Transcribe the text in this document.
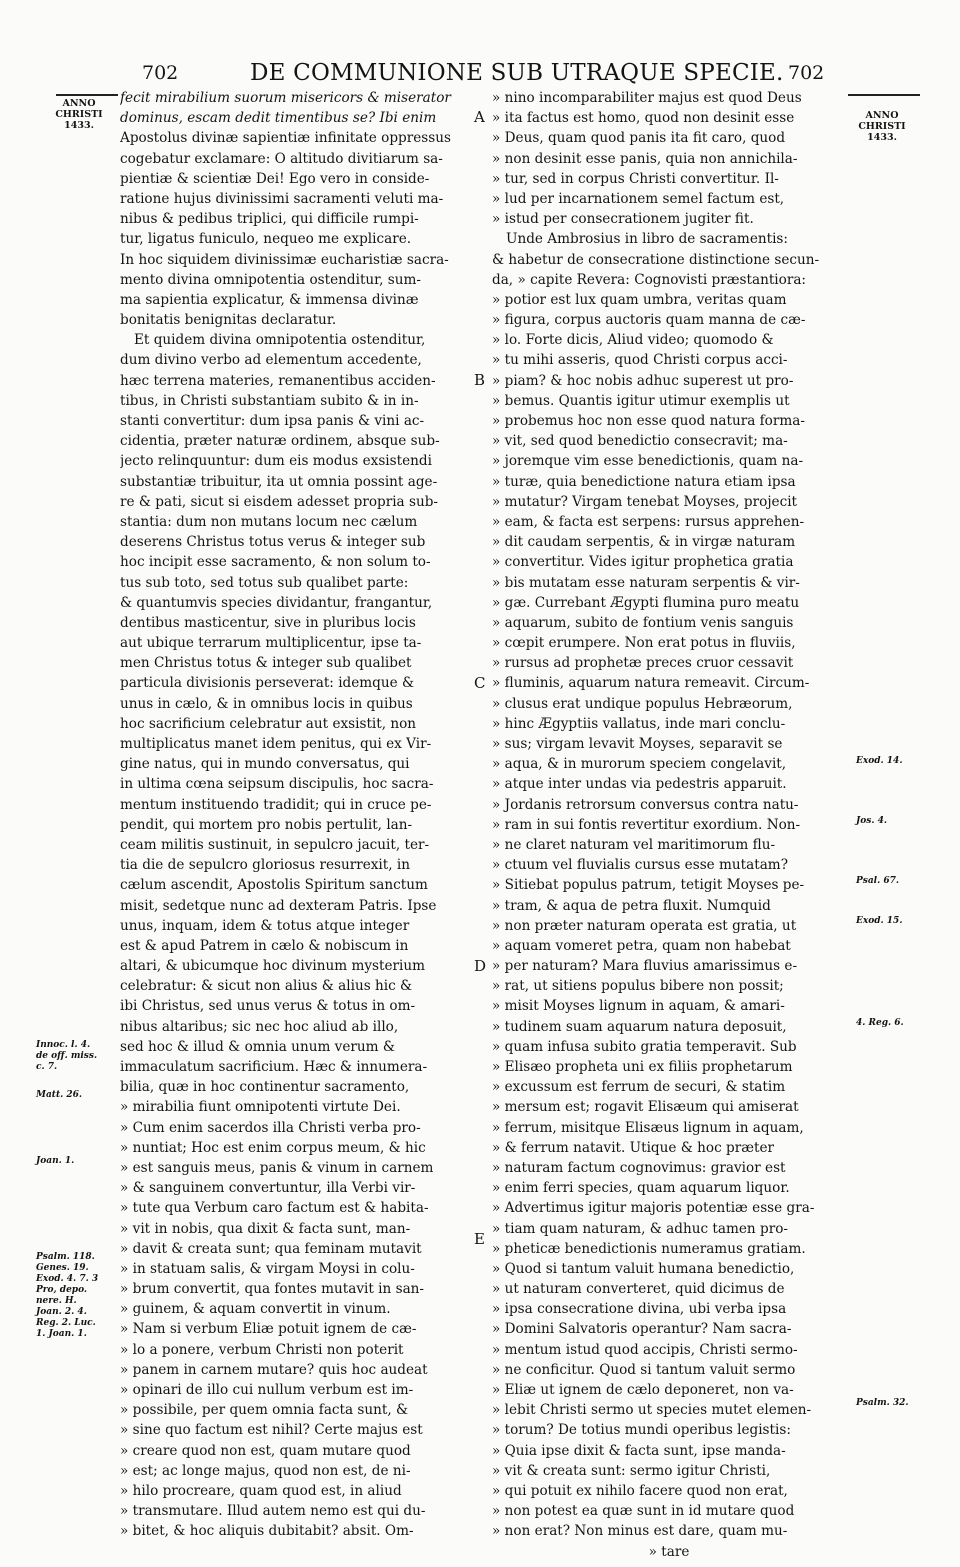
702	DE COMMUNIONE SUB UTRAQUE SPECIE. 702
ANNO
CHRISTI
1433.
ANNO
CHRISTI
1433.
fecit mirabilium suorum misericors & miserator
dominus, escam dedit timentibus se? Ibi enim
Apostolus divinæ sapientiæ infinitate oppressus
cogebatur exclamare: O altitudo divitiarum sa-
pientiæ & scientiæ Dei! Ego vero in conside-
ratione hujus divinissimi sacramenti veluti ma-
nibus & pedibus triplici, qui difficile rumpi-
tur, ligatus funiculo, nequeo me explicare.
In hoc siquidem divinissimæ eucharistiæ sacra-
mento divina omnipotentia ostenditur, sum-
ma sapientia explicatur, & immensa divinæ
bonitatis benignitas declaratur.
Et quidem divina omnipotentia ostenditur,
dum divino verbo ad elementum accedente,
hæc terrena materies, remanentibus acciden-
tibus, in Christi substantiam subito & in in-
stanti convertitur: dum ipsa panis & vini ac-
cidentia, præter naturæ ordinem, absque sub-
jecto relinquuntur: dum eis modus exsistendi
substantiæ tribuitur, ita ut omnia possint age-
re & pati, sicut si eisdem adesset propria sub-
stantia: dum non mutans locum nec cælum
deserens Christus totus verus & integer sub
hoc incipit esse sacramento, & non solum to-
tus sub toto, sed totus sub qualibet parte:
& quantumvis species dividantur, frangantur,
dentibus masticentur, sive in pluribus locis
aut ubique terrarum multiplicentur, ipse ta-
men Christus totus & integer sub qualibet
particula divisionis perseverat: idemque &
unus in cælo, & in omnibus locis in quibus
hoc sacrificium celebratur aut exsistit, non
multiplicatus manet idem penitus, qui ex Vir-
gine natus, qui in mundo conversatus, qui
in ultima cœna seipsum discipulis, hoc sacra-
mentum instituendo tradidit; qui in cruce pe-
pendit, qui mortem pro nobis pertulit, lan-
ceam militis sustinuit, in sepulcro jacuit, ter-
tia die de sepulcro gloriosus resurrexit, in
cælum ascendit, Apostolis Spiritum sanctum
misit, sedetque nunc ad dexteram Patris. Ipse
unus, inquam, idem & totus atque integer
est & apud Patrem in cælo & nobiscum in
altari, & ubicumque hoc divinum mysterium
celebratur: & sicut non alius & alius hic &
ibi Christus, sed unus verus & totus in om-
nibus altaribus; sic nec hoc aliud ab illo,
sed hoc & illud & omnia unum verum &
immaculatum sacrificium. Hæc & innumera-
bilia, quæ in hoc continentur sacramento,
» mirabilia fiunt omnipotenti virtute Dei.
» Cum enim sacerdos illa Christi verba pro-
» nuntiat; Hoc est enim corpus meum, & hic
» est sanguis meus, panis & vinum in carnem
» & sanguinem convertuntur, illa Verbi vir-
» tute qua Verbum caro factum est & habita-
» vit in nobis, qua dixit & facta sunt, man-
» davit & creata sunt; qua feminam mutavit
» in statuam salis, & virgam Moysi in colu-
» brum convertit, qua fontes mutavit in san-
» guinem, & aquam convertit in vinum.
» Nam si verbum Eliæ potuit ignem de cæ-
» lo a ponere, verbum Christi non poterit
» panem in carnem mutare? quis hoc audeat
» opinari de illo cui nullum verbum est im-
» possibile, per quem omnia facta sunt, &
» sine quo factum est nihil? Certe majus est
» creare quod non est, quam mutare quod
» est; ac longe majus, quod non est, de ni-
» hilo procreare, quam quod est, in aliud
» transmutare. Illud autem nemo est qui du-
» bitet, & hoc aliquis dubitabit? absit. Om-
» nino incomparabiliter majus est quod Deus
» ita factus est homo, quod non desinit esse
» Deus, quam quod panis ita fit caro, quod
» non desinit esse panis, quia non annichila-
» tur, sed in corpus Christi convertitur. Il-
» lud per incarnationem semel factum est,
» istud per consecrationem jugiter fit.
Unde Ambrosius in libro de sacramentis:
& habetur de consecratione distinctione secun-
da, » capite Revera: Cognovisti præstantiora:
» potior est lux quam umbra, veritas quam
» figura, corpus auctoris quam manna de cæ-
» lo. Forte dicis, Aliud video; quomodo &
» tu mihi asseris, quod Christi corpus acci-
» piam? & hoc nobis adhuc superest ut pro-
» bemus. Quantis igitur utimur exemplis ut
» probemus hoc non esse quod natura forma-
» vit, sed quod benedictio consecravit; ma-
» joremque vim esse benedictionis, quam na-
» turæ, quia benedictione natura etiam ipsa
» mutatur? Virgam tenebat Moyses, projecit
» eam, & facta est serpens: rursus apprehen-
» dit caudam serpentis, & in virgæ naturam
» convertitur. Vides igitur prophetica gratia
» bis mutatam esse naturam serpentis & vir-
» gæ. Currebant Ægypti flumina puro meatu
» aquarum, subito de fontium venis sanguis
» cœpit erumpere. Non erat potus in fluviis,
» rursus ad prophetæ preces cruor cessavit
» fluminis, aquarum natura remeavit. Circum-
» clusus erat undique populus Hebræorum,
» hinc Ægyptiis vallatus, inde mari conclu-
» sus; virgam levavit Moyses, separavit se
» aqua, & in murorum speciem congelavit,
» atque inter undas via pedestris apparuit.
» Jordanis retrorsum conversus contra natu-
» ram in sui fontis revertitur exordium. Non-
» ne claret naturam vel maritimorum flu-
» ctuum vel fluvialis cursus esse mutatam?
» Sitiebat populus patrum, tetigit Moyses pe-
» tram, & aqua de petra fluxit. Numquid
» non præter naturam operata est gratia, ut
» aquam vomeret petra, quam non habebat
» per naturam? Mara fluvius amarissimus e-
» rat, ut sitiens populus bibere non possit;
» misit Moyses lignum in aquam, & amari-
» tudinem suam aquarum natura deposuit,
» quam infusa subito gratia temperavit. Sub
» Elisæo propheta uni ex filiis prophetarum
» excussum est ferrum de securi, & statim
» mersum est; rogavit Elisæum qui amiserat
» ferrum, misitque Elisæus lignum in aquam,
» & ferrum natavit. Utique & hoc præter
» naturam factum cognovimus: gravior est
» enim ferri species, quam aquarum liquor.
» Advertimus igitur majoris potentiæ esse gra-
» tiam quam naturam, & adhuc tamen pro-
» pheticæ benedictionis numeramus gratiam.
» Quod si tantum valuit humana benedictio,
» ut naturam converteret, quid dicimus de
» ipsa consecratione divina, ubi verba ipsa
» Domini Salvatoris operantur? Nam sacra-
» mentum istud quod accipis, Christi sermo-
» ne conficitur. Quod si tantum valuit sermo
» Eliæ ut ignem de cælo deponeret, non va-
» lebit Christi sermo ut species mutet elemen-
» torum? De totius mundi operibus legistis:
» Quia ipse dixit & facta sunt, ipse manda-
» vit & creata sunt: sermo igitur Christi,
» qui potuit ex nihilo facere quod non erat,
» non potest ea quæ sunt in id mutare quod
» non erat? Non minus est dare, quam mu-
» tare
A
B
C
D
E
Innoc. l. 4. de off. miss. c. 7.
Matt. 26.
Joan. 1.
Psalm. 118. Genes. 19. Exod. 4. 7. 3 Pro, depo. nere. H. Joan. 2. 4. Reg. 2. Luc. 1. Joan. 1.
Exod. 14.
Jos. 4.
Psal. 67.
Exod. 15.
4. Reg. 6.
Psalm. 32.
